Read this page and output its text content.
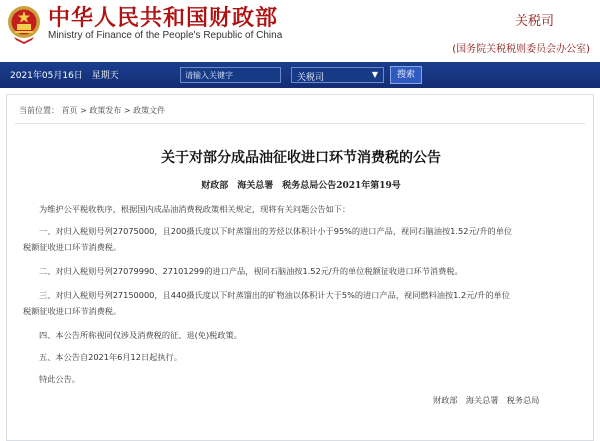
中华人民共和国财政部
Ministry of Finance of the People's Republic of China
关税司
(国务院关税税则委员会办公室)
2021年05月16日　星期天
请输入关键字	关税司	▼	搜索
当前位置： 首页 > 政策发布 > 政策文件
关于对部分成品油征收进口环节消费税的公告
财政部　海关总署　税务总局公告2021年第19号
为维护公平税收秩序，根据国内成品油消费税政策相关规定，现将有关问题公告如下：
一、对归入税则号列27075000，且200摄氏度以下时蒸馏出的芳烃以体积计小于95%的进口产品，视同石脑油按1.52元/升的单位
税额征收进口环节消费税。
二、对归入税则号列27079990、27101299的进口产品，视同石脑油按1.52元/升的单位税额征收进口环节消费税。
三、对归入税则号列27150000，且440摄氏度以下时蒸馏出的矿物油以体积计大于5%的进口产品，视同燃料油按1.2元/升的单位
税额征收进口环节消费税。
四、本公告所称视同仅涉及消费税的征、退(免)税政策。
五、本公告自2021年6月12日起执行。
特此公告。
财政部　海关总署　税务总局
